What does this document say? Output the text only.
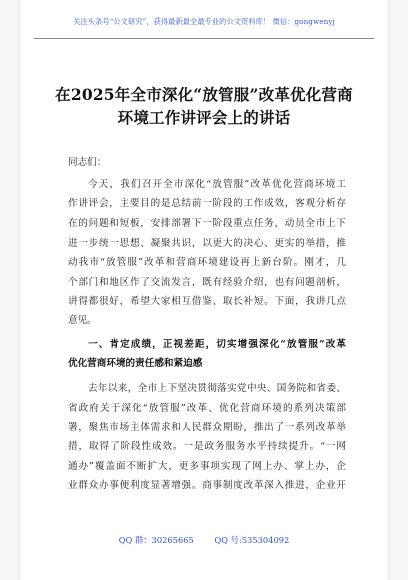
关注头条号“公文研究”，获得最新最全最专业的公文资料库！ 微信：gongwenyj
在2025年全市深化“放管服”改革优化营商
环境工作讲评会上的讲话
同志们：
今天，我们召开全市深化“放管服”改革优化营商环境工
作讲评会，主要目的是总结前一阶段的工作成效，客观分析存
在的问题和短板，安排部署下一阶段重点任务，动员全市上下
进一步统一思想、凝聚共识，以更大的决心、更实的举措，推
动我市“放管服”改革和营商环境建设再上新台阶。刚才，几
个部门和地区作了交流发言，既有经验介绍，也有问题剖析，
讲得都很好，希望大家相互借鉴、取长补短。下面，我讲几点
意见。
一、肯定成绩，正视差距，切实增强深化“放管服”改革
优化营商环境的责任感和紧迫感
去年以来，全市上下坚决贯彻落实党中央、国务院和省委、
省政府关于深化“放管服”改革、优化营商环境的系列决策部
署，聚焦市场主体需求和人民群众期盼，推出了一系列改革举
措，取得了阶段性成效。一是政务服务水平持续提升。“一网
通办”覆盖面不断扩大，更多事项实现了网上办、掌上办，企
业群众办事便利度显著增强。商事制度改革深入推进，企业开
QQ 群：30265665 QQ 号:535304092
